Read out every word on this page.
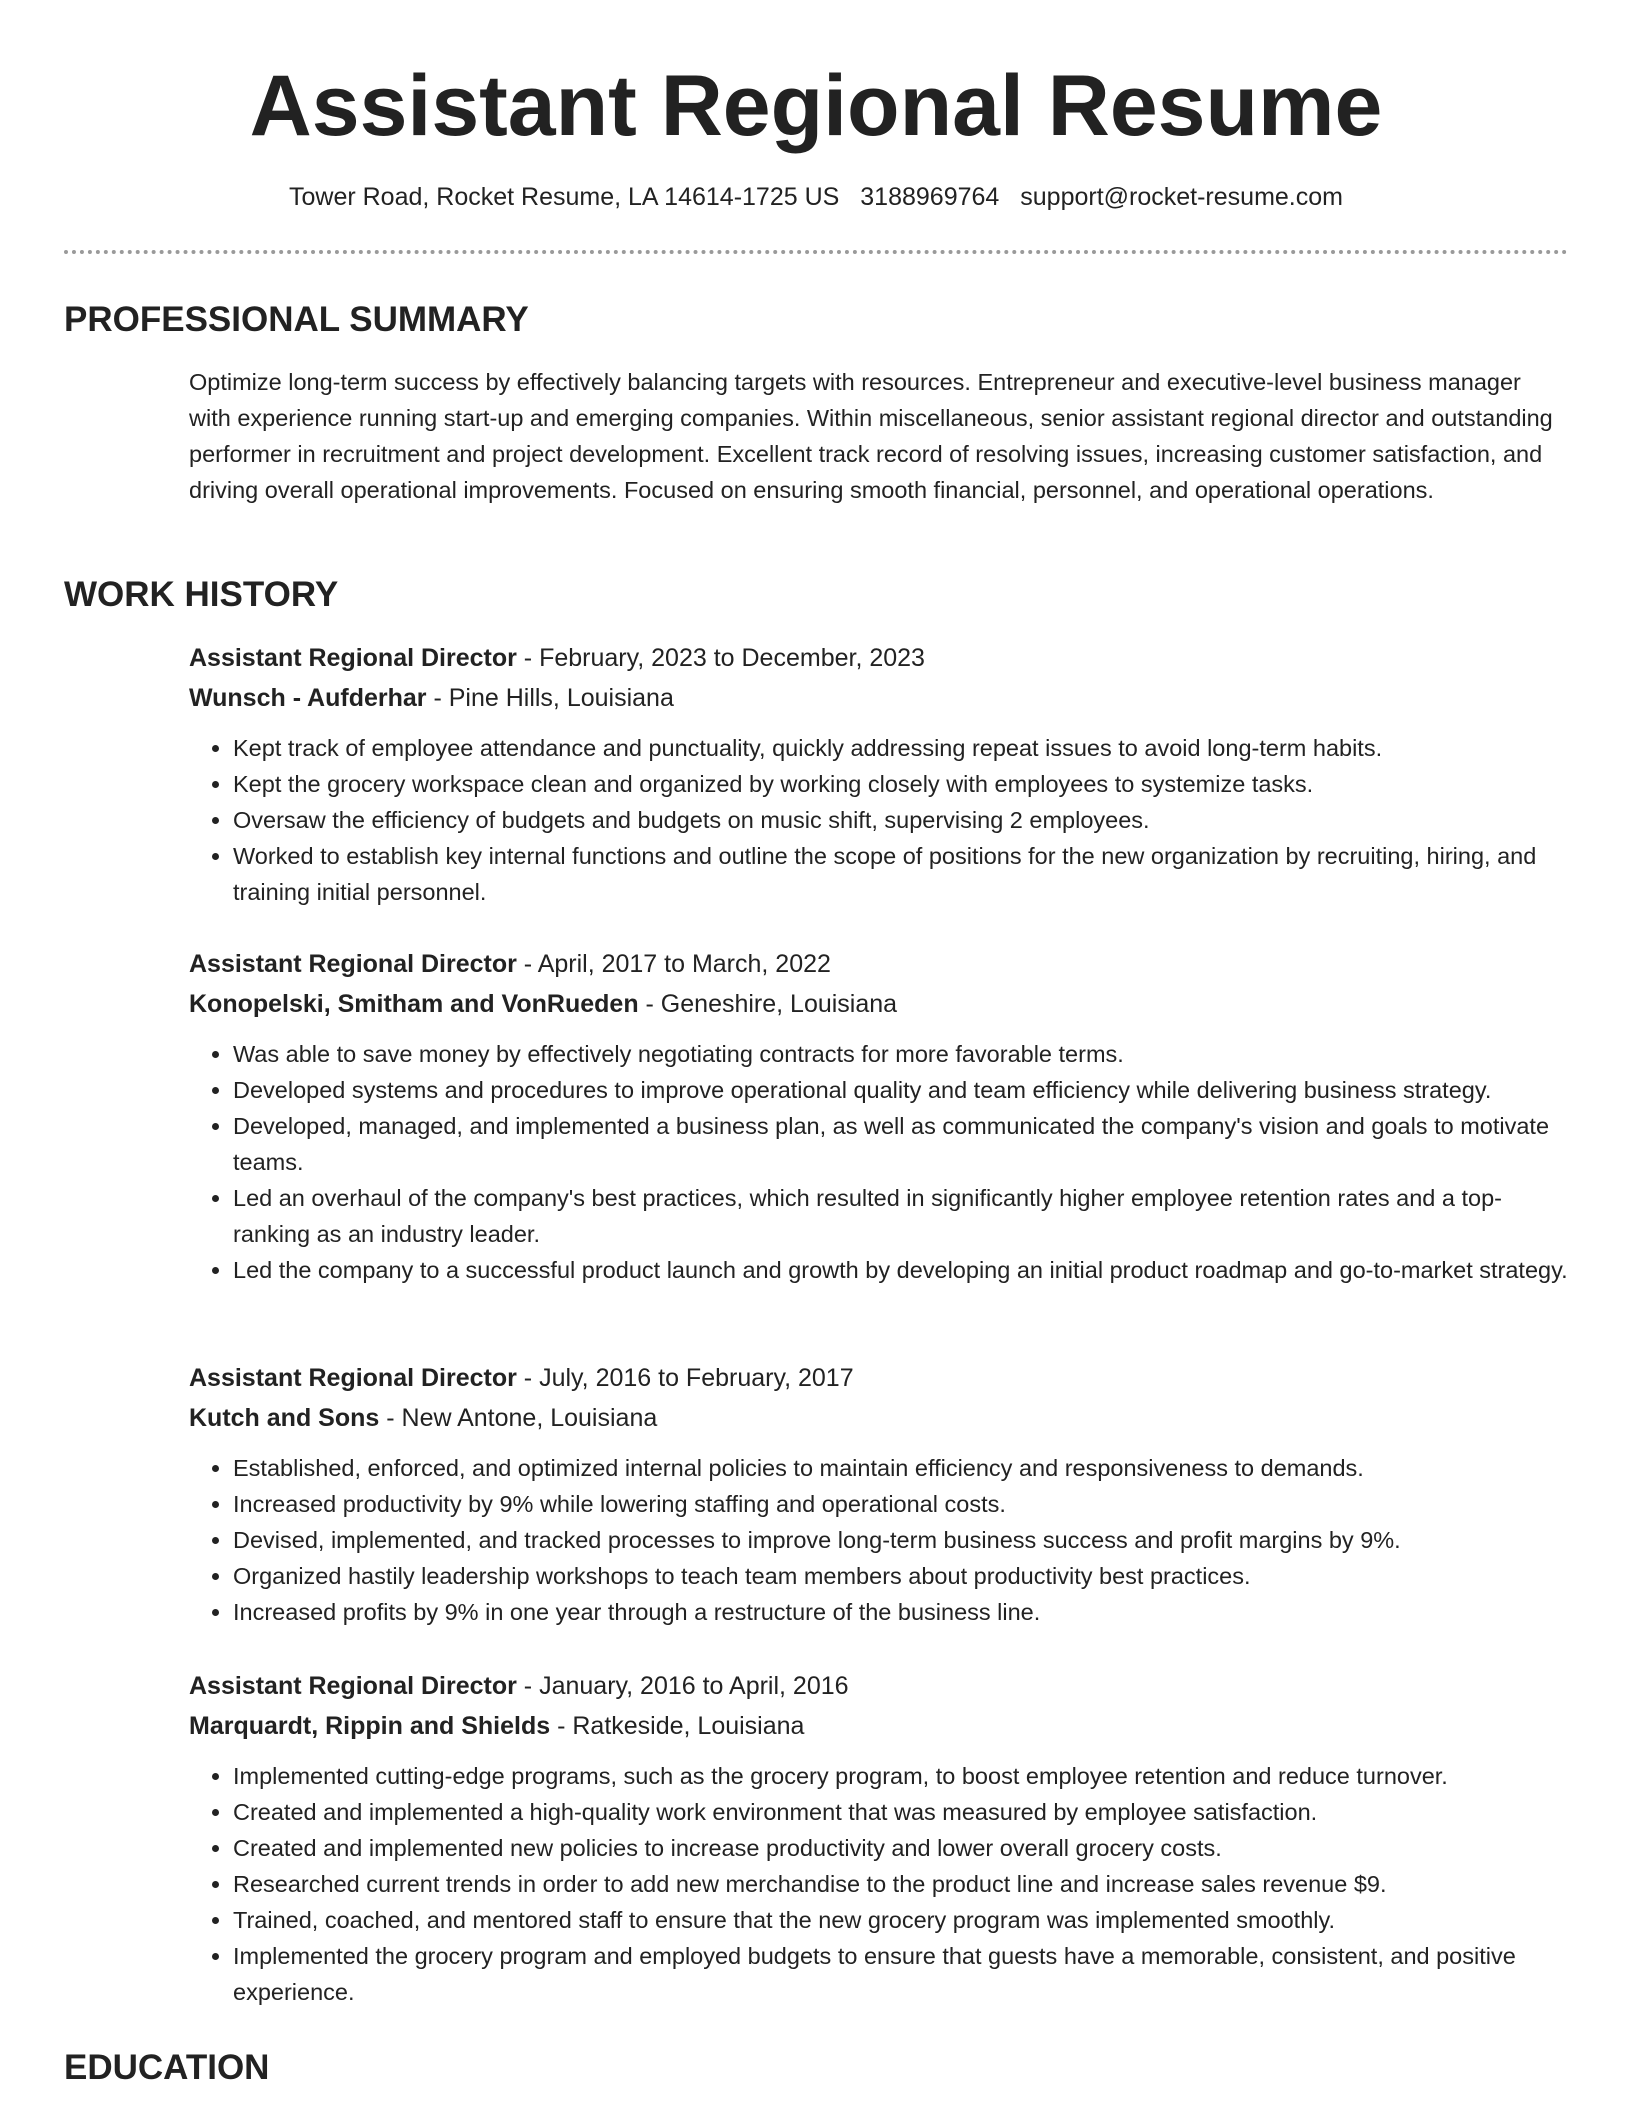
Assistant Regional Resume
Tower Road, Rocket Resume, LA 14614-1725 US 3188969764 support@rocket-resume.com
PROFESSIONAL SUMMARY
Optimize long-term success by effectively balancing targets with resources. Entrepreneur and executive-level business manager with experience running start-up and emerging companies. Within miscellaneous, senior assistant regional director and outstanding performer in recruitment and project development. Excellent track record of resolving issues, increasing customer satisfaction, and driving overall operational improvements. Focused on ensuring smooth financial, personnel, and operational operations.
WORK HISTORY
Assistant Regional Director - February, 2023 to December, 2023
Wunsch - Aufderhar - Pine Hills, Louisiana
• Kept track of employee attendance and punctuality, quickly addressing repeat issues to avoid long-term habits.
• Kept the grocery workspace clean and organized by working closely with employees to systemize tasks.
• Oversaw the efficiency of budgets and budgets on music shift, supervising 2 employees.
• Worked to establish key internal functions and outline the scope of positions for the new organization by recruiting, hiring, and training initial personnel.
Assistant Regional Director - April, 2017 to March, 2022
Konopelski, Smitham and VonRueden - Geneshire, Louisiana
• Was able to save money by effectively negotiating contracts for more favorable terms.
• Developed systems and procedures to improve operational quality and team efficiency while delivering business strategy.
• Developed, managed, and implemented a business plan, as well as communicated the company's vision and goals to motivate teams.
• Led an overhaul of the company's best practices, which resulted in significantly higher employee retention rates and a top-ranking as an industry leader.
• Led the company to a successful product launch and growth by developing an initial product roadmap and go-to-market strategy.
Assistant Regional Director - July, 2016 to February, 2017
Kutch and Sons - New Antone, Louisiana
• Established, enforced, and optimized internal policies to maintain efficiency and responsiveness to demands.
• Increased productivity by 9% while lowering staffing and operational costs.
• Devised, implemented, and tracked processes to improve long-term business success and profit margins by 9%.
• Organized hastily leadership workshops to teach team members about productivity best practices.
• Increased profits by 9% in one year through a restructure of the business line.
Assistant Regional Director - January, 2016 to April, 2016
Marquardt, Rippin and Shields - Ratkeside, Louisiana
• Implemented cutting-edge programs, such as the grocery program, to boost employee retention and reduce turnover.
• Created and implemented a high-quality work environment that was measured by employee satisfaction.
• Created and implemented new policies to increase productivity and lower overall grocery costs.
• Researched current trends in order to add new merchandise to the product line and increase sales revenue $9.
• Trained, coached, and mentored staff to ensure that the new grocery program was implemented smoothly.
• Implemented the grocery program and employed budgets to ensure that guests have a memorable, consistent, and positive experience.
EDUCATION
